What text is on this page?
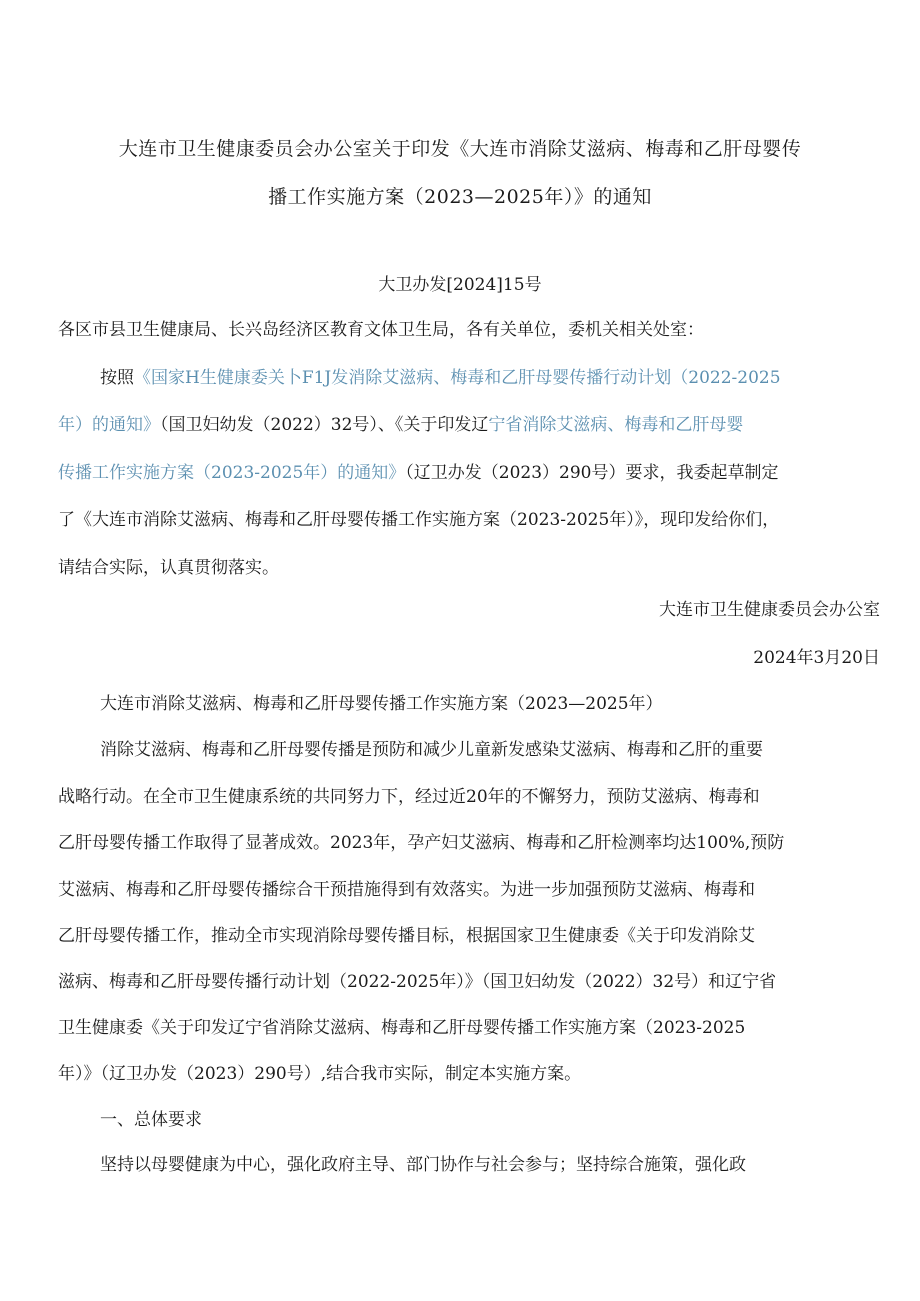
大连市卫生健康委员会办公室关于印发《大连市消除艾滋病、梅毒和乙肝母婴传
播工作实施方案（2023—2025年）》的通知
大卫办发[2024]15号
各区市县卫生健康局、长兴岛经济区教育文体卫生局，各有关单位，委机关相关处室：
按照《国家H生健康委关卜F1J发消除艾滋病、梅毒和乙肝母婴传播行动计划（2022-2025
年）的通知》（国卫妇幼发（2022）32号）、《关于印发辽宁省消除艾滋病、梅毒和乙肝母婴
传播工作实施方案（2023-2025年）的通知》（辽卫办发（2023）290号）要求，我委起草制定
了《大连市消除艾滋病、梅毒和乙肝母婴传播工作实施方案（2023-2025年）》，现印发给你们，
请结合实际，认真贯彻落实。
大连市卫生健康委员会办公室
2024年3月20日
大连市消除艾滋病、梅毒和乙肝母婴传播工作实施方案（2023—2025年）
消除艾滋病、梅毒和乙肝母婴传播是预防和减少儿童新发感染艾滋病、梅毒和乙肝的重要
战略行动。在全市卫生健康系统的共同努力下，经过近20年的不懈努力，预防艾滋病、梅毒和
乙肝母婴传播工作取得了显著成效。2023年，孕产妇艾滋病、梅毒和乙肝检测率均达100%,预防
艾滋病、梅毒和乙肝母婴传播综合干预措施得到有效落实。为进一步加强预防艾滋病、梅毒和
乙肝母婴传播工作，推动全市实现消除母婴传播目标，根据国家卫生健康委《关于印发消除艾
滋病、梅毒和乙肝母婴传播行动计划（2022-2025年）》（国卫妇幼发（2022）32号）和辽宁省
卫生健康委《关于印发辽宁省消除艾滋病、梅毒和乙肝母婴传播工作实施方案（2023-2025
年）》（辽卫办发（2023）290号）,结合我市实际，制定本实施方案。
一、总体要求
坚持以母婴健康为中心，强化政府主导、部门协作与社会参与；坚持综合施策，强化政
